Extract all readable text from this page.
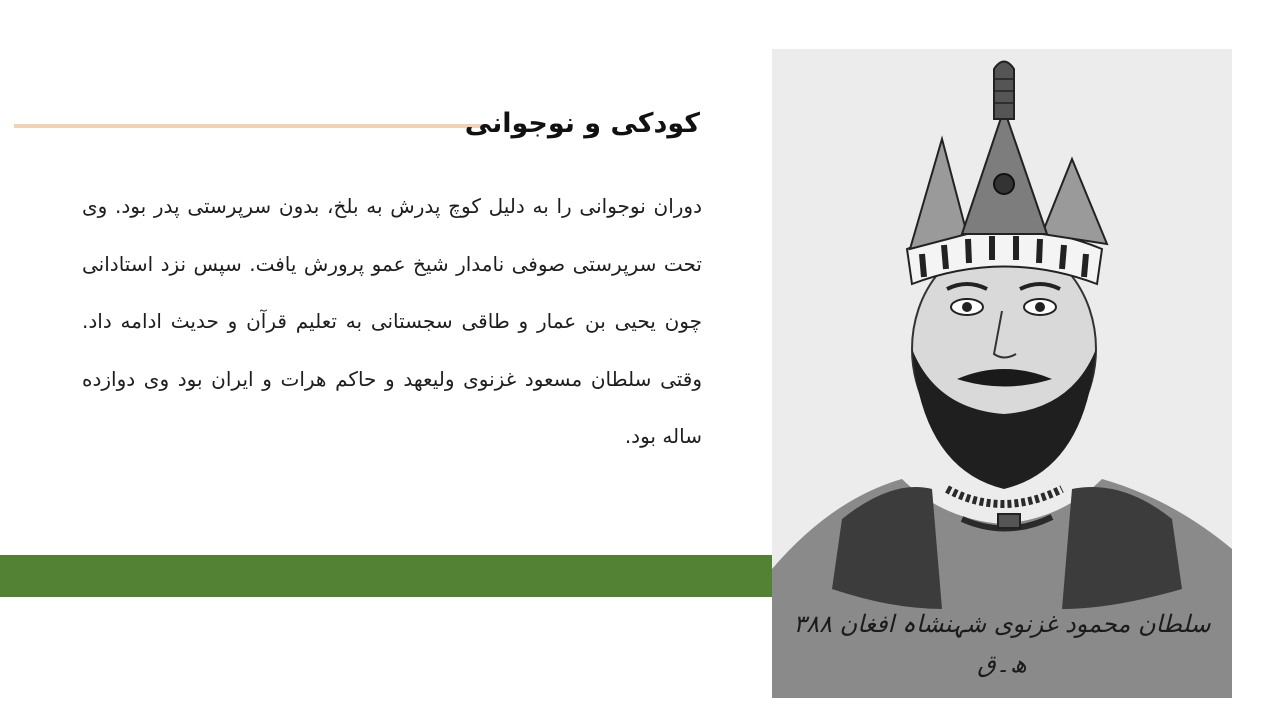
کودکی و نوجوانی

دوران نوجوانی را به دلیل کوچ پدرش به بلخ، بدون سرپرستی پدر بود. وی تحت سرپرستی صوفی نامدار شیخ عمو پرورش یافت. سپس نزد استادانی چون یحیی بن عمار و طاقی سجستانی به تعلیم قرآن و حدیث ادامه داد. وقتی سلطان مسعود غزنوی ولیعهد و حاکم هرات و ایران بود وی دوازده ساله بود.

سلطان محمود غزنوی شہنشاہ افغان ۳۸۸ ھ۔ق
